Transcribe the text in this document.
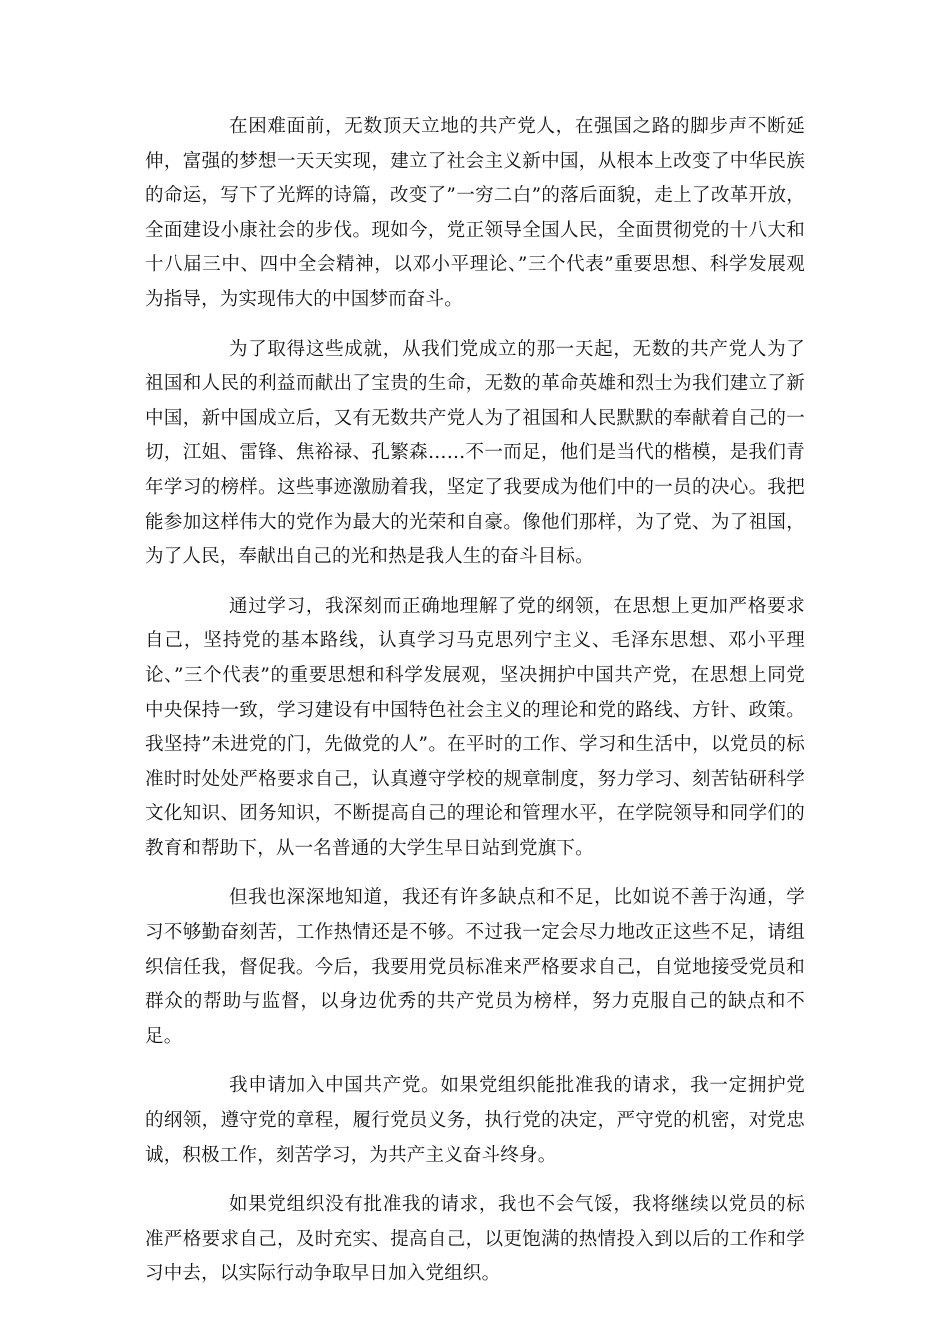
在困难面前，无数顶天立地的共产党人，在强国之路的脚步声不断延伸，富强的梦想一天天实现，建立了社会主义新中国，从根本上改变了中华民族的命运，写下了光辉的诗篇，改变了”一穷二白”的落后面貌，走上了改革开放，全面建设小康社会的步伐。现如今，党正领导全国人民，全面贯彻党的十八大和十八届三中、四中全会精神，以邓小平理论、”三个代表”重要思想、科学发展观为指导，为实现伟大的中国梦而奋斗。

为了取得这些成就，从我们党成立的那一天起，无数的共产党人为了祖国和人民的利益而献出了宝贵的生命，无数的革命英雄和烈士为我们建立了新中国，新中国成立后，又有无数共产党人为了祖国和人民默默的奉献着自己的一切，江姐、雷锋、焦裕禄、孔繁森……不一而足，他们是当代的楷模，是我们青年学习的榜样。这些事迹激励着我，坚定了我要成为他们中的一员的决心。我把能参加这样伟大的党作为最大的光荣和自豪。像他们那样，为了党、为了祖国，为了人民，奉献出自己的光和热是我人生的奋斗目标。

通过学习，我深刻而正确地理解了党的纲领，在思想上更加严格要求自己，坚持党的基本路线，认真学习马克思列宁主义、毛泽东思想、邓小平理论、”三个代表”的重要思想和科学发展观，坚决拥护中国共产党，在思想上同党中央保持一致，学习建设有中国特色社会主义的理论和党的路线、方针、政策。我坚持”未进党的门，先做党的人”。在平时的工作、学习和生活中，以党员的标准时时处处严格要求自己，认真遵守学校的规章制度，努力学习、刻苦钻研科学文化知识、团务知识，不断提高自己的理论和管理水平，在学院领导和同学们的教育和帮助下，从一名普通的大学生早日站到党旗下。

但我也深深地知道，我还有许多缺点和不足，比如说不善于沟通，学习不够勤奋刻苦，工作热情还是不够。不过我一定会尽力地改正这些不足，请组织信任我，督促我。今后，我要用党员标准来严格要求自己，自觉地接受党员和群众的帮助与监督，以身边优秀的共产党员为榜样，努力克服自己的缺点和不足。

我申请加入中国共产党。如果党组织能批准我的请求，我一定拥护党的纲领，遵守党的章程，履行党员义务，执行党的决定，严守党的机密，对党忠诚，积极工作，刻苦学习，为共产主义奋斗终身。

如果党组织没有批准我的请求，我也不会气馁，我将继续以党员的标准严格要求自己，及时充实、提高自己，以更饱满的热情投入到以后的工作和学习中去，以实际行动争取早日加入党组织。
